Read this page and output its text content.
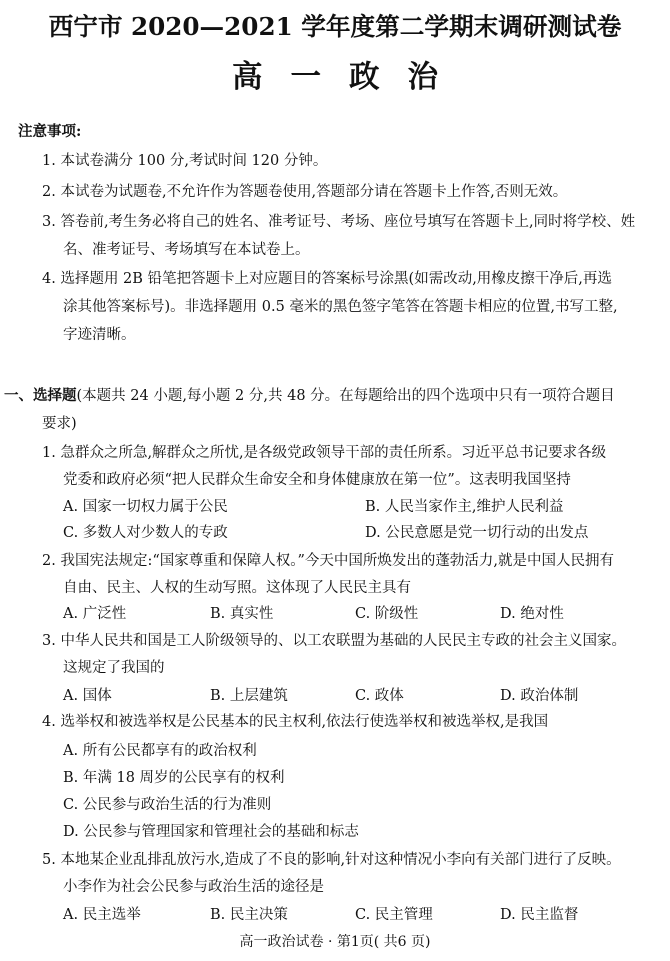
西宁市 2020—2021 学年度第二学期末调研测试卷
高 一 政 治
注意事项:
1. 本试卷满分 100 分,考试时间 120 分钟。
2. 本试卷为试题卷,不允许作为答题卷使用,答题部分请在答题卡上作答,否则无效。
3. 答卷前,考生务必将自己的姓名、准考证号、考场、座位号填写在答题卡上,同时将学校、姓
名、准考证号、考场填写在本试卷上。
4. 选择题用 2B 铅笔把答题卡上对应题目的答案标号涂黑(如需改动,用橡皮擦干净后,再选
涂其他答案标号)。非选择题用 0.5 毫米的黑色签字笔答在答题卡相应的位置,书写工整,
字迹清晰。
一、选择题(本题共 24 小题,每小题 2 分,共 48 分。在每题给出的四个选项中只有一项符合题目
要求)
1. 急群众之所急,解群众之所忧,是各级党政领导干部的责任所系。习近平总书记要求各级
党委和政府必须“把人民群众生命安全和身体健康放在第一位”。这表明我国坚持
A. 国家一切权力属于公民	B. 人民当家作主,维护人民利益
C. 多数人对少数人的专政	D. 公民意愿是党一切行动的出发点
2. 我国宪法规定:“国家尊重和保障人权。”今天中国所焕发出的蓬勃活力,就是中国人民拥有
自由、民主、人权的生动写照。这体现了人民民主具有
A. 广泛性	B. 真实性	C. 阶级性	D. 绝对性
3. 中华人民共和国是工人阶级领导的、以工农联盟为基础的人民民主专政的社会主义国家。
这规定了我国的
A. 国体	B. 上层建筑	C. 政体	D. 政治体制
4. 选举权和被选举权是公民基本的民主权利,依法行使选举权和被选举权,是我国
A. 所有公民都享有的政治权利
B. 年满 18 周岁的公民享有的权利
C. 公民参与政治生活的行为准则
D. 公民参与管理国家和管理社会的基础和标志
5. 本地某企业乱排乱放污水,造成了不良的影响,针对这种情况小李向有关部门进行了反映。
小李作为社会公民参与政治生活的途径是
A. 民主选举	B. 民主决策	C. 民主管理	D. 民主监督
高一政治试卷 · 第1页( 共6 页)
